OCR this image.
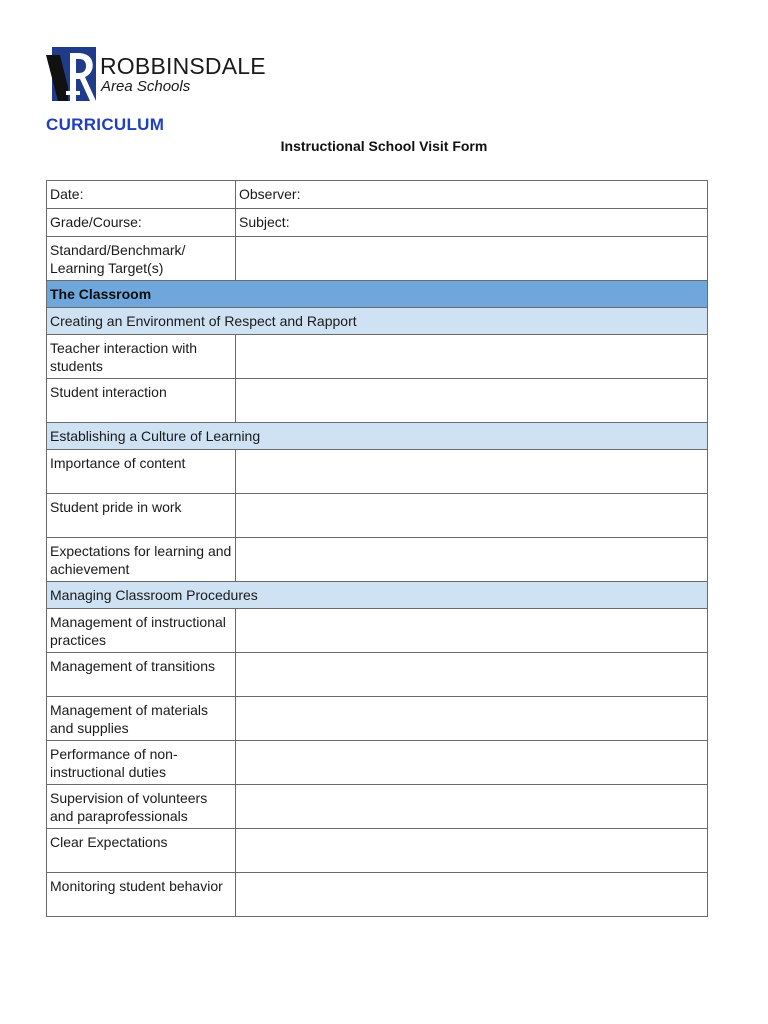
ROBBINSDALE
Area Schools
CURRICULUM
Instructional School Visit Form
Date:	Observer:
Grade/Course:	Subject:
Standard/Benchmark/ Learning Target(s)	
The Classroom	
Creating an Environment of Respect and Rapport	
Teacher interaction with students	
Student interaction	
Establishing a Culture of Learning	
Importance of content	
Student pride in work	
Expectations for learning and achievement	
Managing Classroom Procedures	
Management of instructional practices	
Management of transitions	
Management of materials and supplies	
Performance of non-instructional duties	
Supervision of volunteers and paraprofessionals	
Clear Expectations	
Monitoring student behavior	
